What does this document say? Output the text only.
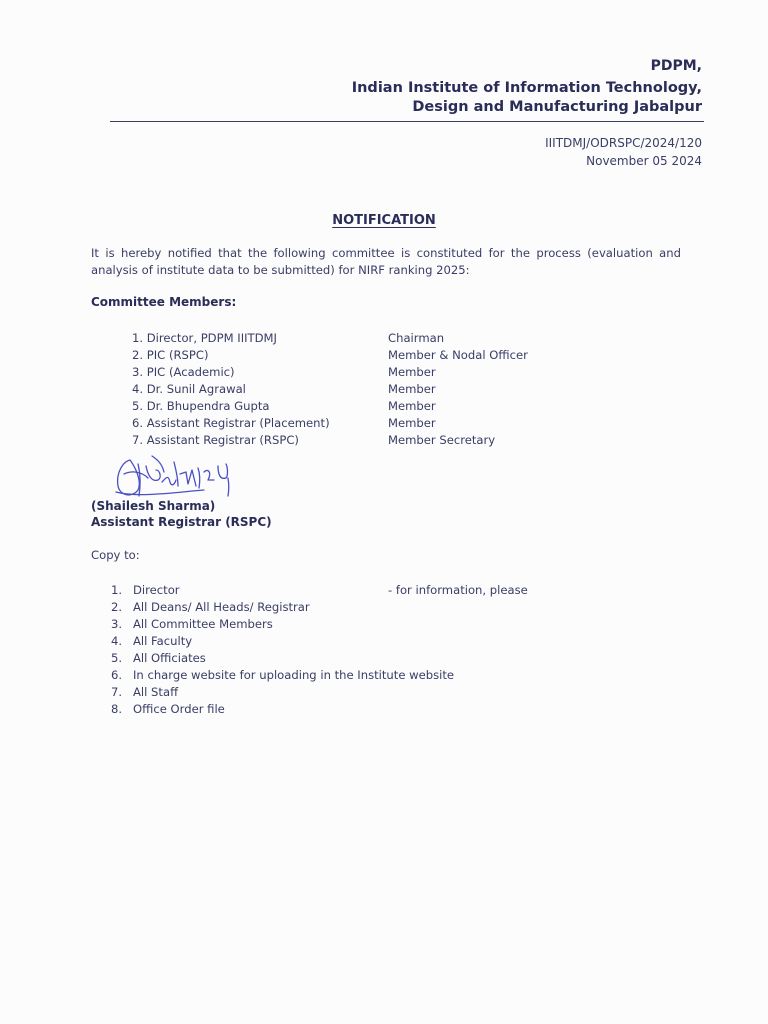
PDPM,
Indian Institute of Information Technology,
Design and Manufacturing Jabalpur
IIITDMJ/ODRSPC/2024/120
November 05 2024
NOTIFICATION
It is hereby notified that the following committee is constituted for the process (evaluation and analysis of institute data to be submitted) for NIRF ranking 2025:
Committee Members:
1. Director, PDPM IIITDMJ	Chairman
2. PIC (RSPC)	Member & Nodal Officer
3. PIC (Academic)	Member
4. Dr. Sunil Agrawal	Member
5. Dr. Bhupendra Gupta	Member
6. Assistant Registrar (Placement)	Member
7. Assistant Registrar (RSPC)	Member Secretary
(Shailesh Sharma)
Assistant Registrar (RSPC)
Copy to:
1. Director	- for information, please
2. All Deans/ All Heads/ Registrar
3. All Committee Members
4. All Faculty
5. All Officiates
6. In charge website for uploading in the Institute website
7. All Staff
8. Office Order file
